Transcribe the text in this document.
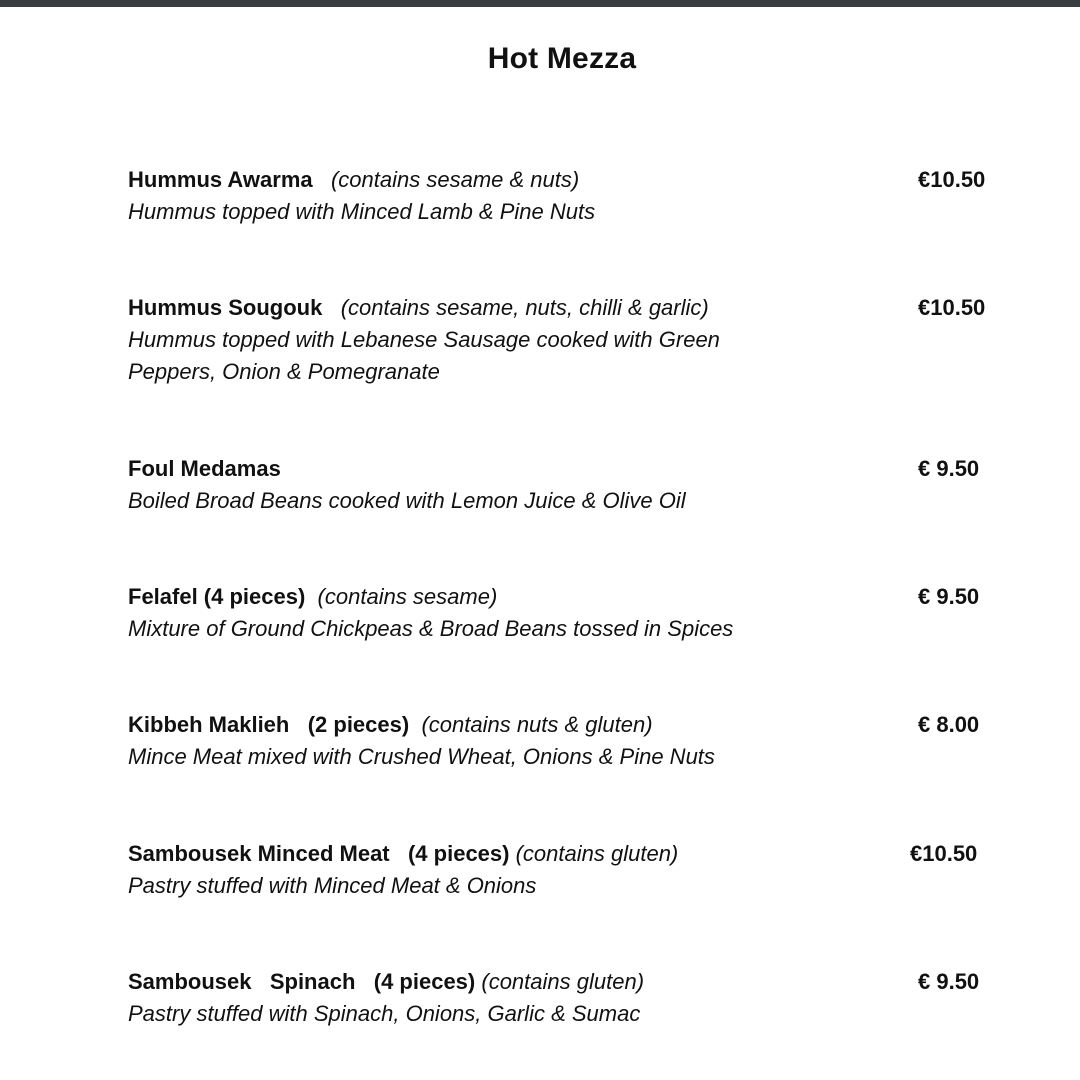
Hot Mezza
Hummus Awarma (contains sesame & nuts)
Hummus topped with Minced Lamb & Pine Nuts
€10.50
Hummus Sougouk (contains sesame, nuts, chilli & garlic)
Hummus topped with Lebanese Sausage cooked with Green Peppers, Onion & Pomegranate
€10.50
Foul Medamas
Boiled Broad Beans cooked with Lemon Juice & Olive Oil
€ 9.50
Felafel (4 pieces) (contains sesame)
Mixture of Ground Chickpeas & Broad Beans tossed in Spices
€ 9.50
Kibbeh Maklieh (2 pieces) (contains nuts & gluten)
Mince Meat mixed with Crushed Wheat, Onions & Pine Nuts
€ 8.00
Sambousek Minced Meat (4 pieces) (contains gluten)
Pastry stuffed with Minced Meat & Onions
€10.50
Sambousek   Spinach (4 pieces) (contains gluten)
Pastry stuffed with Spinach, Onions, Garlic & Sumac
€ 9.50
